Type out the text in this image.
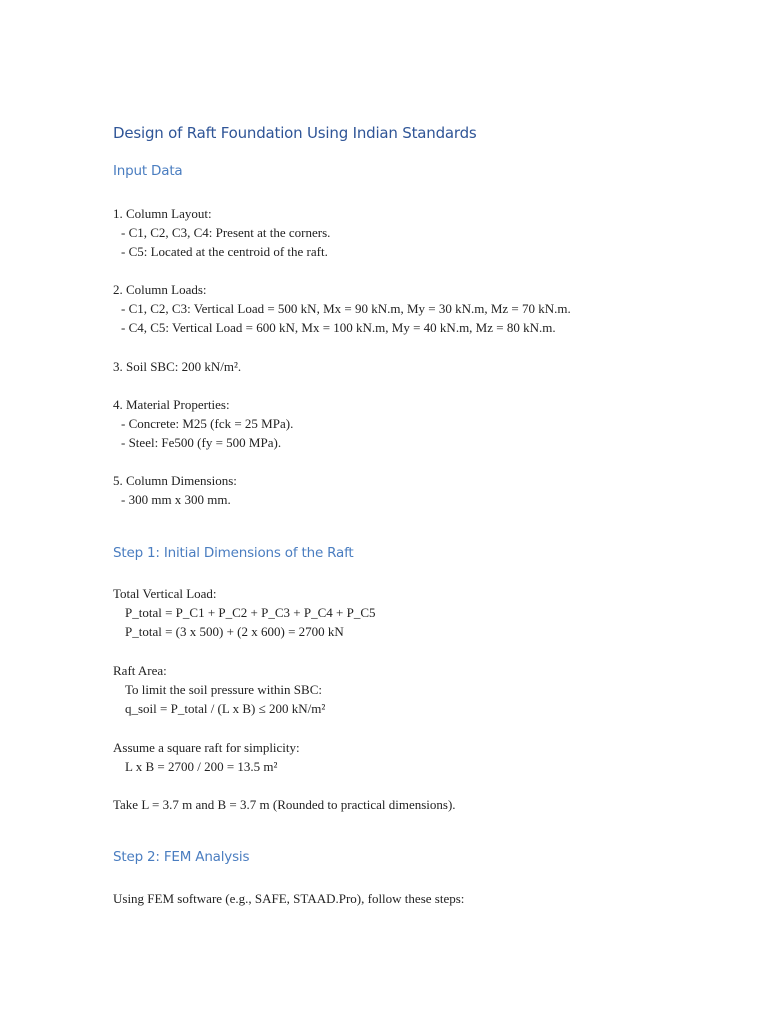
Design of Raft Foundation Using Indian Standards
Input Data
1. Column Layout:
- C1, C2, C3, C4: Present at the corners.
- C5: Located at the centroid of the raft.
2. Column Loads:
- C1, C2, C3: Vertical Load = 500 kN, Mx = 90 kN.m, My = 30 kN.m, Mz = 70 kN.m.
- C4, C5: Vertical Load = 600 kN, Mx = 100 kN.m, My = 40 kN.m, Mz = 80 kN.m.
3. Soil SBC: 200 kN/m².
4. Material Properties:
- Concrete: M25 (fck = 25 MPa).
- Steel: Fe500 (fy = 500 MPa).
5. Column Dimensions:
- 300 mm x 300 mm.
Step 1: Initial Dimensions of the Raft
Total Vertical Load:
P_total = P_C1 + P_C2 + P_C3 + P_C4 + P_C5
P_total = (3 x 500) + (2 x 600) = 2700 kN
Raft Area:
To limit the soil pressure within SBC:
q_soil = P_total / (L x B) ≤ 200 kN/m²
Assume a square raft for simplicity:
L x B = 2700 / 200 = 13.5 m²
Take L = 3.7 m and B = 3.7 m (Rounded to practical dimensions).
Step 2: FEM Analysis
Using FEM software (e.g., SAFE, STAAD.Pro), follow these steps:
